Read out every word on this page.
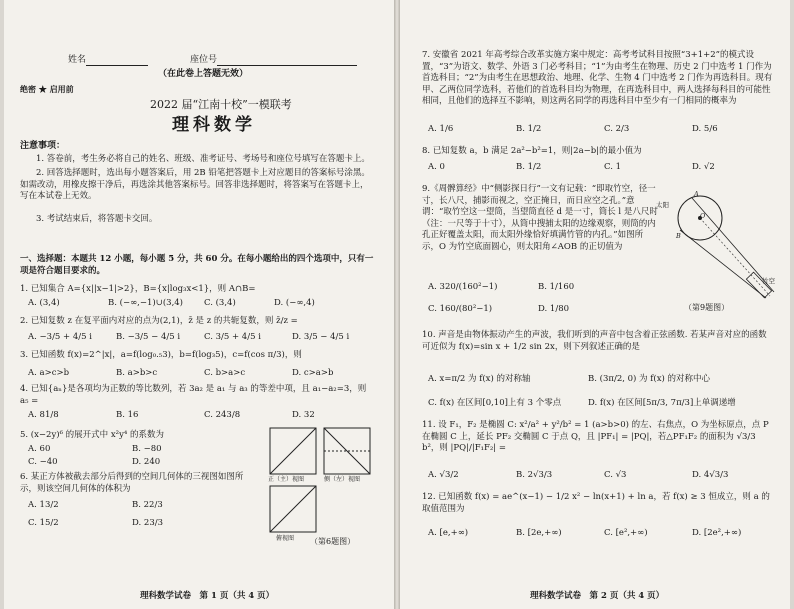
姓名	座位号
（在此卷上答题无效）
绝密 ★ 启用前
2022 届“江南十校”一模联考
理科数学
注意事项：
1. 答卷前，考生务必将自己的姓名、班级、准考证号、考场号和座位号填写在答题卡上。
2. 回答选择题时，选出每小题答案后，用 2B 铅笔把答题卡上对应题目的答案标号涂黑。如需改动，用橡皮擦干净后，再选涂其他答案标号。回答非选择题时，将答案写在答题卡上，写在本试卷上无效。
3. 考试结束后，将答题卡交回。
一、选择题：本题共 12 小题，每小题 5 分，共 60 分。在每小题给出的四个选项中，只有一项是符合题目要求的。
1. 已知集合 A={x||x−1|>2}，B={x|log₃x<1}，则 A∩B=
A. (3,4)	B. (−∞,−1)∪(3,4)	C. (3,4)	D. (−∞,4)
2. 已知复数 z 在复平面内对应的点为(2,1)，z̄ 是 z 的共轭复数，则 z̄/z =
A. −3/5 + 4/5 i	B. −3/5 − 4/5 i	C. 3/5 + 4/5 i	D. 3/5 − 4/5 i
3. 已知函数 f(x)=2^|x|，a=f(log₀.₅3)，b=f(log₃5)，c=f(cos π/3)，则
A. a>c>b	B. a>b>c	C. b>a>c	D. c>a>b
4. 已知{aₙ}是各项均为正数的等比数列，若 3a₂ 是 a₁ 与 a₃ 的等差中项，且 a₁−a₂=3，则 a₅ =
A. 81/8	B. 16	C. 243/8	D. 32
5. (x−2y)⁶ 的展开式中 x²y⁴ 的系数为
A. 60	B. −80
C. −40	D. 240
6. 某正方体被截去部分后得到的空间几何体的三视图如图所示，则该空间几何体的体积为
A. 13/2	B. 22/3
C. 15/2	D. 23/3
正（主）视图	侧（左）视图
俯视图 （第6题图）
理科数学试卷　第 1 页（共 4 页）
7. 安徽省 2021 年高考综合改革实施方案中规定：高考考试科目按照“3+1+2”的模式设置，“3”为语文、数学、外语 3 门必考科目；“1”为由考生在物理、历史 2 门中选考 1 门作为首选科目；“2”为由考生在思想政治、地理、化学、生物 4 门中选考 2 门作为再选科目。现有甲、乙两位同学选科，若他们的首选科目均为物理，在再选科目中，两人选择每科目的可能性相同，且他们的选择互不影响，则这两名同学的再选科目中至少有一门相同的概率为
A. 1/6	B. 1/2	C. 2/3	D. 5/6
8. 已知复数 a，b 满足 2a²−b²=1，则|2a−b|的最小值为
A. 0	B. 1/2	C. 1	D. √2
9.《周髀算经》中“侧影探日行”一文有记载：“即取竹空，径一寸，长八尺，捕影而视之，空正掩日，而日应空之孔。”意谓：“取竹空这一望筒，当望筒直径 d 是一寸，筒长 l 是八尺时（注：一尺等于十寸），从筒中搜捕太阳的边缘观察，则筒的内孔正好覆盖太阳，而太阳外缘恰好填满竹管的内孔。”如图所示，O 为竹空底面圆心，则太阳角∠AOB 的正切值为
A. 320/(160²−1)	B. 1/160
C. 160/(80²−1)	D. 1/80
太阳
A
B
O
竹空
（第9题图）
10. 声音是由物体振动产生的声波，我们听到的声音中包含着正弦函数. 若某声音对应的函数可近似为 f(x)=sin x + 1/2 sin 2x，则下列叙述正确的是
A. x=π/2 为 f(x) 的对称轴	B. (3π/2, 0) 为 f(x) 的对称中心
C. f(x) 在区间[0,10]上有 3 个零点	D. f(x) 在区间[5π/3, 7π/3]上单调递增
11. 设 F₁，F₂ 是椭圆 C: x²/a² + y²/b² = 1 (a>b>0) 的左、右焦点，O 为坐标原点，点 P 在椭圆 C 上，延长 PF₂ 交椭圆 C 于点 Q，且 |PF₁| = |PQ|，若△PF₁F₂ 的面积为 √3/3 b²，则 |PQ|/|F₁F₂| =
A. √3/2	B. 2√3/3	C. √3	D. 4√3/3
12. 已知函数 f(x) = ae^(x−1) − 1/2 x² − ln(x+1) + ln a，若 f(x) ≥ 3 恒成立，则 a 的取值范围为
A. [e,+∞)	B. [2e,+∞)	C. [e²,+∞)	D. [2e²,+∞)
理科数学试卷　第 2 页（共 4 页）
